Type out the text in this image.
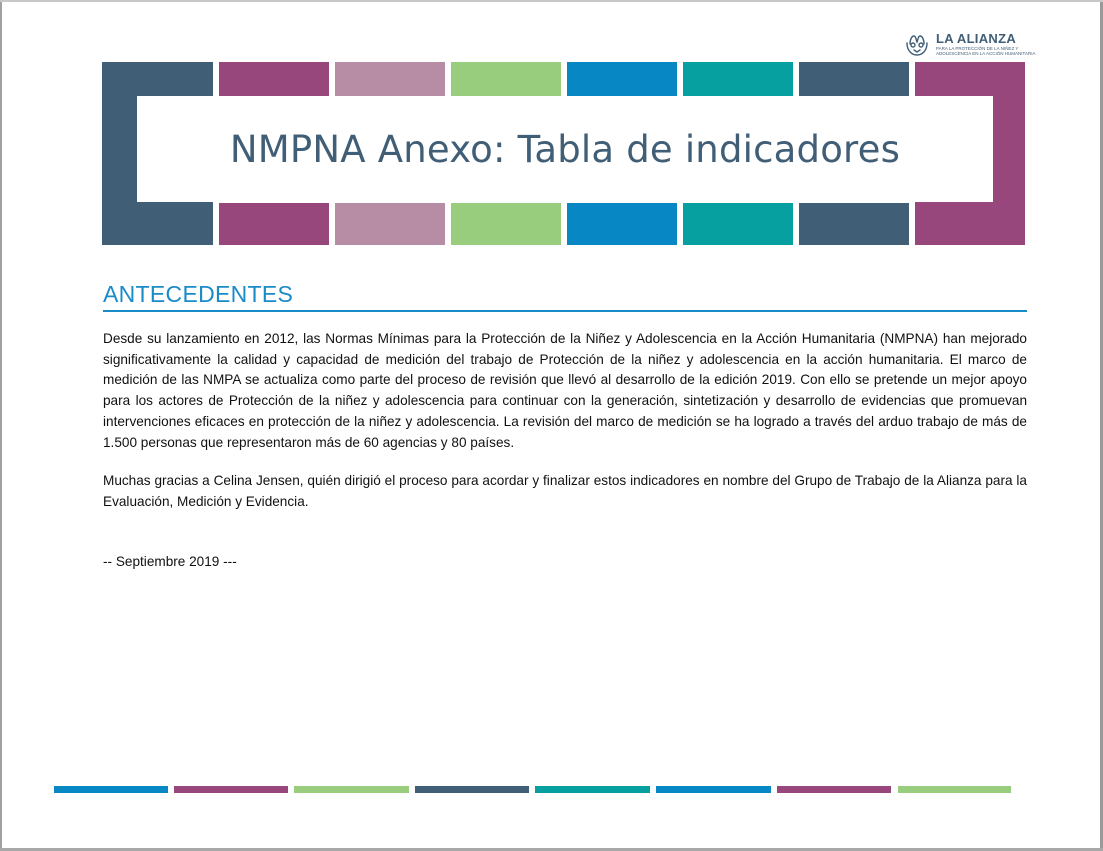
LA ALIANZA
PARA LA PROTECCIÓN DE LA NIÑEZ Y
ADOLESCENCIA EN LA ACCIÓN HUMANITARIA
NMPNA Anexo: Tabla de indicadores
ANTECEDENTES

Desde su lanzamiento en 2012, las Normas Mínimas para la Protección de la Niñez y Adolescencia en la Acción Humanitaria (NMPNA) han mejorado significativamente la calidad y capacidad de medición del trabajo de Protección de la niñez y adolescencia en la acción humanitaria. El marco de medición de las NMPA se actualiza como parte del proceso de revisión que llevó al desarrollo de la edición 2019. Con ello se pretende un mejor apoyo para los actores de Protección de la niñez y adolescencia para continuar con la generación, sintetización y desarrollo de evidencias que promuevan intervenciones eficaces en protección de la niñez y adolescencia. La revisión del marco de medición se ha logrado a través del arduo trabajo de más de 1.500 personas que representaron más de 60 agencias y 80 países.

Muchas gracias a Celina Jensen, quién dirigió el proceso para acordar y finalizar estos indicadores en nombre del Grupo de Trabajo de la Alianza para la Evaluación, Medición y Evidencia.

-- Septiembre 2019 ---
